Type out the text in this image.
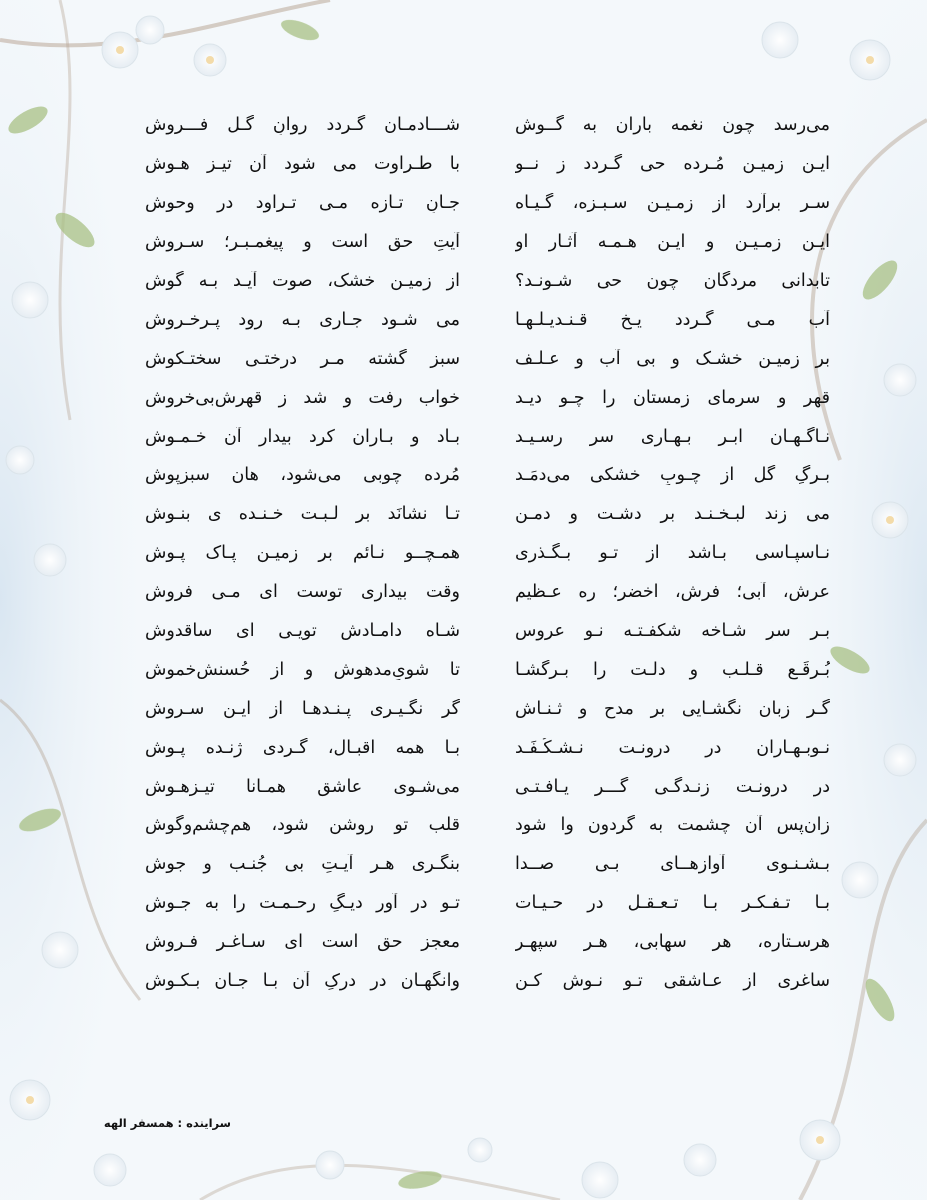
می‌رسد چون نغمه باران به گــوش
شـــادمـان گـردد روانِ گُـل فـــروش
ایـن زمیـن مُـرده حی گـردد ز نــو
با طـراوت می شود آن تیـز هـوش
سـر برآرد از زمـیـن سـبـزه، گـیـاه
جـانِ تـازه مـی تـراود در وحوش
ایـن زمـیـن و ایـن هـمـه آثـار او
آیتِ حق است و پیغمـبـر؛ سـروش
تابدانی مردگان چون حی شـونـد؟
از زمیـنِ خشک، صوت آیـد بـه گوش
آب مـی گـردد یـخِ قـنـدیـلـهـا
می شـود جـاری بـه رود پـرخـروش
بر زمیـنِ خشـک و بی آب و عـلـف
سبز گشته مـر درختـی سختـکوش
قهر و سرمای زمستان را چـو دیـد
خواب رفت و شد ز قهرش‌بی‌خروش
نـاگـهـان ابـر بـهـاری سر رسـیـد
بـاد و بـاران کرد بیدار آن خـمـوش
بـرگِ گل از چـوبِ خشکی می‌دمَـد
مُرده چوبی می‌شود، هان سبزپوش
می زند لبـخـنـد بر دشـت و دمـن
تـا نشانَد بر لـبـت خـنـده ی بنـوش
نـاسپـاسی بـاشد از تـو بـگـذری
همـچــو نـائم بر زمیـنِ پـاک پـوش
عرش، آبی؛ فرش، اخضر؛ ره عـظیم
وقت بیداری توست ای مـی فروش
بـر سرِ شـاخه شکفـتـه نـو عروس
شـاه دامـادش تویـی ای ساقدوش
بُـرقَـعِ قـلـب و دلـت را بـرگشـا
تا شویِ‌مدهوش و از حُسنش‌خموش
گـر زبان نگشـایی بر مدح و ثـنـاش
گر نگـیـری پـنـدهـا از ایـن سـروش
نـوبـهـاران در درونـت نـشـکُـفَـد
بـا همه اقبـال، گـردی ژنـده پـوش
در درونـت زنـدگـی گـــر یـافـتـی
می‌شـوی عاشق همـانا تیـزهـوش
زان‌پس آن چشمت به گردون وا شود
قلب تو روشن شود، هم‌چشم‌وگوش
بـشـنـوی آوازهــای بـی صــدا
بنگـری هـر آیـتِ بی جُنـب و جوش
بـا تـفـکـر بـا تـعـقـل در حـیـات
تـو در آور دیـگِ رحـمـت را به جـوش
هرسـتاره، هر سهابی، هـر سپهـر
معجزِ حق است ای سـاغـر فـروش
ساغری از عـاشقی تـو نـوش کـن
وانگهـان در درکِ آن بـا جـان بـکـوش
سراینده : همسفر الهه
